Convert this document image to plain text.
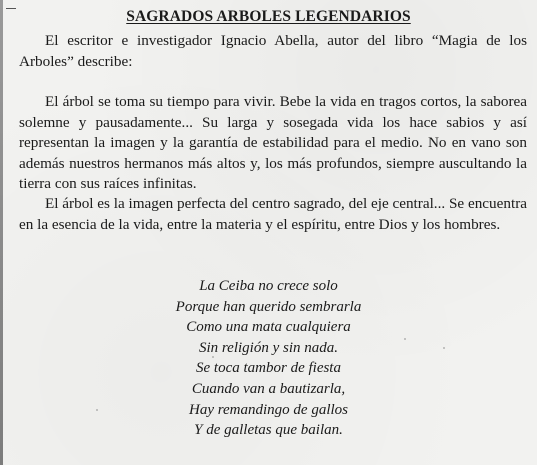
SAGRADOS ARBOLES LEGENDARIOS

El escritor e investigador Ignacio Abella, autor del libro “Magia de los Arboles” describe:

El árbol se toma su tiempo para vivir. Bebe la vida en tragos cortos, la saborea solemne y pausadamente... Su larga y sosegada vida los hace sabios y así representan la imagen y la garantía de estabilidad para el medio. No en vano son además nuestros hermanos más altos y, los más profundos, siempre auscultando la tierra con sus raíces infinitas.

El árbol es la imagen perfecta del centro sagrado, del eje central... Se encuentra en la esencia de la vida, entre la materia y el espíritu, entre Dios y los hombres.

La Ceiba no crece solo
Porque han querido sembrarla
Como una mata cualquiera
Sin religión y sin nada.
Se toca tambor de fiesta
Cuando van a bautizarla,
Hay remandingo de gallos
Y de galletas que bailan.
